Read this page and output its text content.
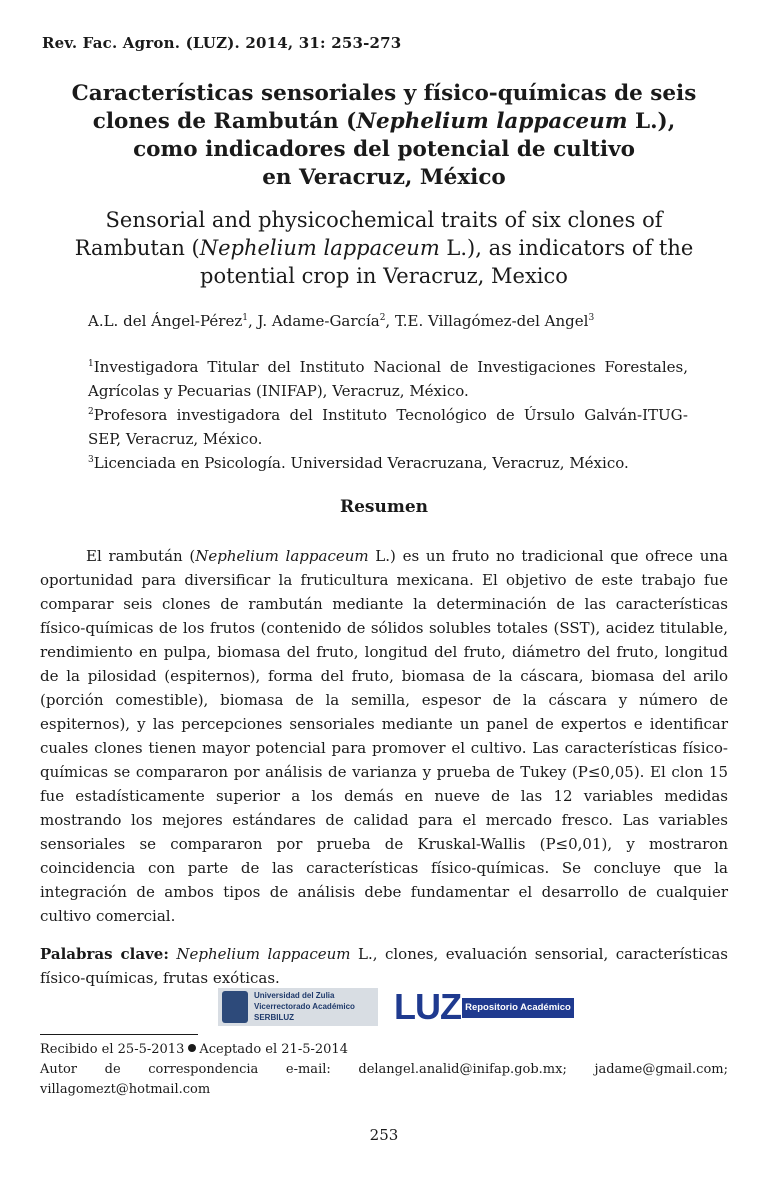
Rev. Fac. Agron. (LUZ). 2014, 31: 253-273
Características sensoriales y físico-químicas de seis
clones de Rambután (Nephelium lappaceum L.),
como indicadores del potencial de cultivo
en Veracruz, México
Sensorial and physicochemical traits of six clones of
Rambutan (Nephelium lappaceum L.), as indicators of the
potential crop in Veracruz, Mexico
A.L. del Ángel-Pérez$^1$, J. Adame-García$^2$, T.E. Villagómez-del Angel$^3$

$^1$Investigadora Titular del Instituto Nacional de Investigaciones Forestales, Agrícolas y Pecuarias (INIFAP), Veracruz, México.

$^2$Profesora investigadora del Instituto Tecnológico de Úrsulo Galván-ITUG-SEP, Veracruz, México.

$^3$Licenciada en Psicología. Universidad Veracruzana, Veracruz, México.

Resumen

El rambután (Nephelium lappaceum L.) es un fruto no tradicional que ofrece una oportunidad para diversificar la fruticultura mexicana. El objetivo de este trabajo fue comparar seis clones de rambután mediante la determinación de las características físico-químicas de los frutos (contenido de sólidos solubles totales (SST), acidez titulable, rendimiento en pulpa, biomasa del fruto, longitud del fruto, diámetro del fruto, longitud de la pilosidad (espiternos), forma del fruto, biomasa de la cáscara, biomasa del arilo (porción comestible), biomasa de la semilla, espesor de la cáscara y número de espiternos), y las percepciones sensoriales mediante un panel de expertos e identificar cuales clones tienen mayor potencial para promover el cultivo. Las características físico-químicas se compararon por análisis de varianza y prueba de Tukey (P≤0,05). El clon 15 fue estadísticamente superior a los demás en nueve de las 12 variables medidas mostrando los mejores estándares de calidad para el mercado fresco. Las variables sensoriales se compararon por prueba de Kruskal-Wallis (P≤0,01), y mostraron coincidencia con parte de las características físico-químicas. Se concluye que la integración de ambos tipos de análisis debe fundamentar el desarrollo de cualquier cultivo comercial.

Palabras clave: Nephelium lappaceum L., clones, evaluación sensorial, características físico-químicas, frutas exóticas.

Universidad del Zulia
Vicerrectorado Académico
SERBILUZ	LUZ Repositorio Académico

Recibido el 25-5-2013 Aceptado el 21-5-2014

Autor de correspondencia e-mail: delangel.analid@inifap.gob.mx; jadame@gmail.com; villagomezt@hotmail.com

253
